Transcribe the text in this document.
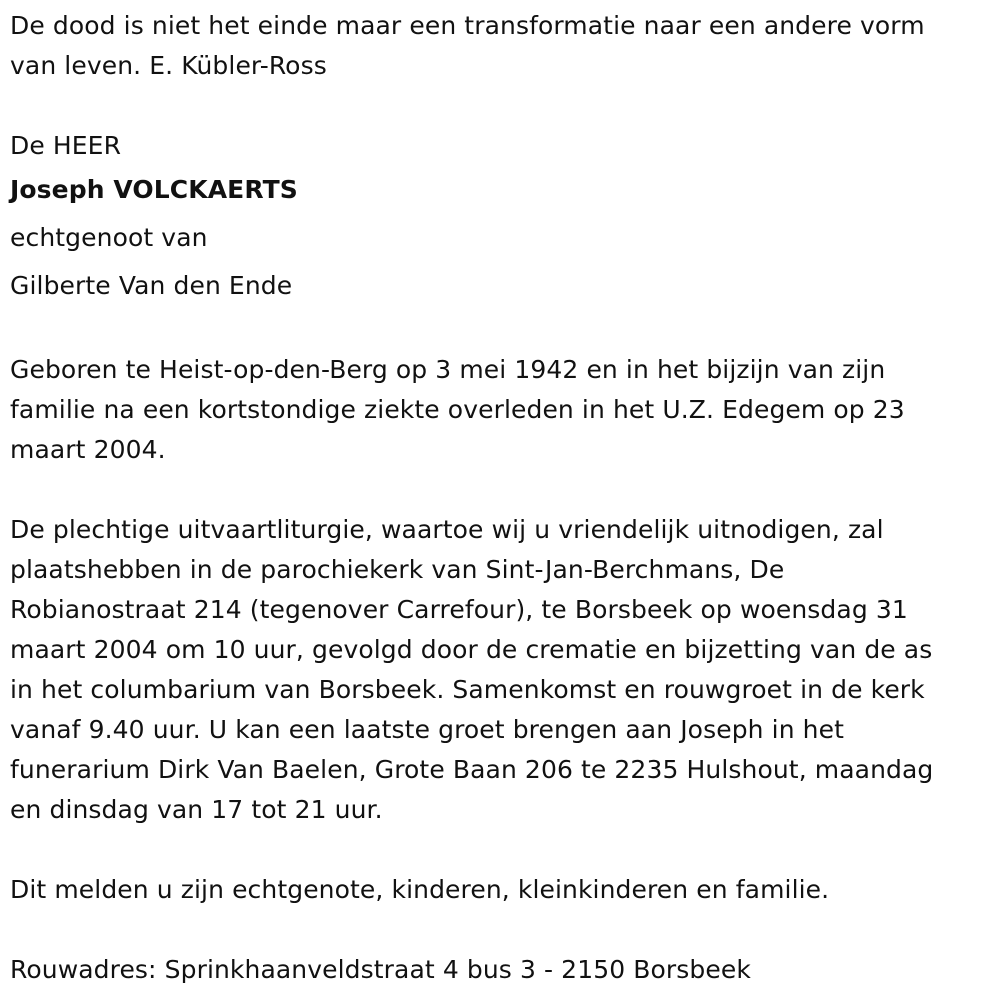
De dood is niet het einde maar een transformatie naar een andere vorm
van leven. E. Kübler-Ross

De HEER
Joseph VOLCKAERTS
echtgenoot van
Gilberte Van den Ende

Geboren te Heist-op-den-Berg op 3 mei 1942 en in het bijzijn van zijn
familie na een kortstondige ziekte overleden in het U.Z. Edegem op 23
maart 2004.

De plechtige uitvaartliturgie, waartoe wij u vriendelijk uitnodigen, zal
plaatshebben in de parochiekerk van Sint-Jan-Berchmans, De
Robianostraat 214 (tegenover Carrefour), te Borsbeek op woensdag 31
maart 2004 om 10 uur, gevolgd door de crematie en bijzetting van de as
in het columbarium van Borsbeek. Samenkomst en rouwgroet in de kerk
vanaf 9.40 uur. U kan een laatste groet brengen aan Joseph in het
funerarium Dirk Van Baelen, Grote Baan 206 te 2235 Hulshout, maandag
en dinsdag van 17 tot 21 uur.

Dit melden u zijn echtgenote, kinderen, kleinkinderen en familie.

Rouwadres: Sprinkhaanveldstraat 4 bus 3 - 2150 Borsbeek
